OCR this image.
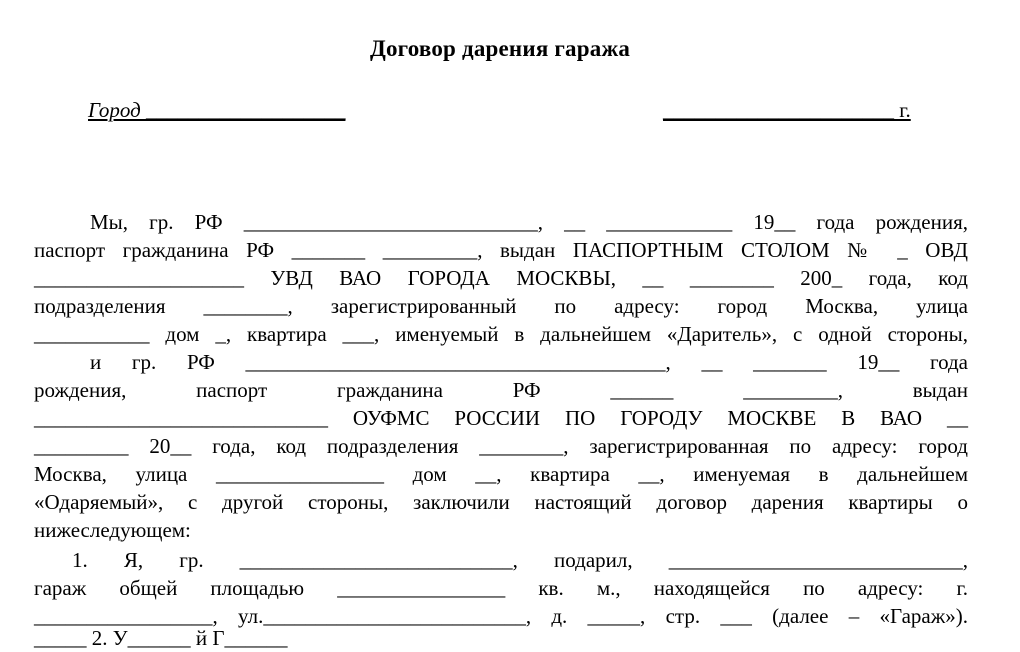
Договор дарения гаража
Город ___________________	______________________ г.
Мы, гр. РФ ____________________________, __ ____________ 19__ года рождения,
паспорт гражданина РФ _______ _________, выдан ПАСПОРТНЫМ СТОЛОМ № _ ОВД
____________________ УВД ВАО ГОРОДА МОСКВЫ, __ ________ 200_ года, код
подразделения ________, зарегистрированный по адресу: город Москва, улица
___________ дом _, квартира ___, именуемый в дальнейшем «Даритель», с одной стороны,
и гр. РФ ________________________________________, __ _______ 19__ года
рождения, паспорт гражданина РФ ______ _________, выдан
____________________________ ОУФМС РОССИИ ПО ГОРОДУ МОСКВЕ В ВАО __
_________ 20__ года, код подразделения ________, зарегистрированная по адресу: город
Москва, улица ________________ дом __, квартира __, именуемая в дальнейшем
«Одаряемый», с другой стороны, заключили настоящий договор дарения квартиры о
нижеследующем:
1. Я, гр. __________________________, подарил, ____________________________,
гараж общей площадью ________________ кв. м., находящейся по адресу: г.
_________________, ул._________________________, д. _____, стр. ___ (далее – «Гараж»).
_____ 2. У______ й Г______
